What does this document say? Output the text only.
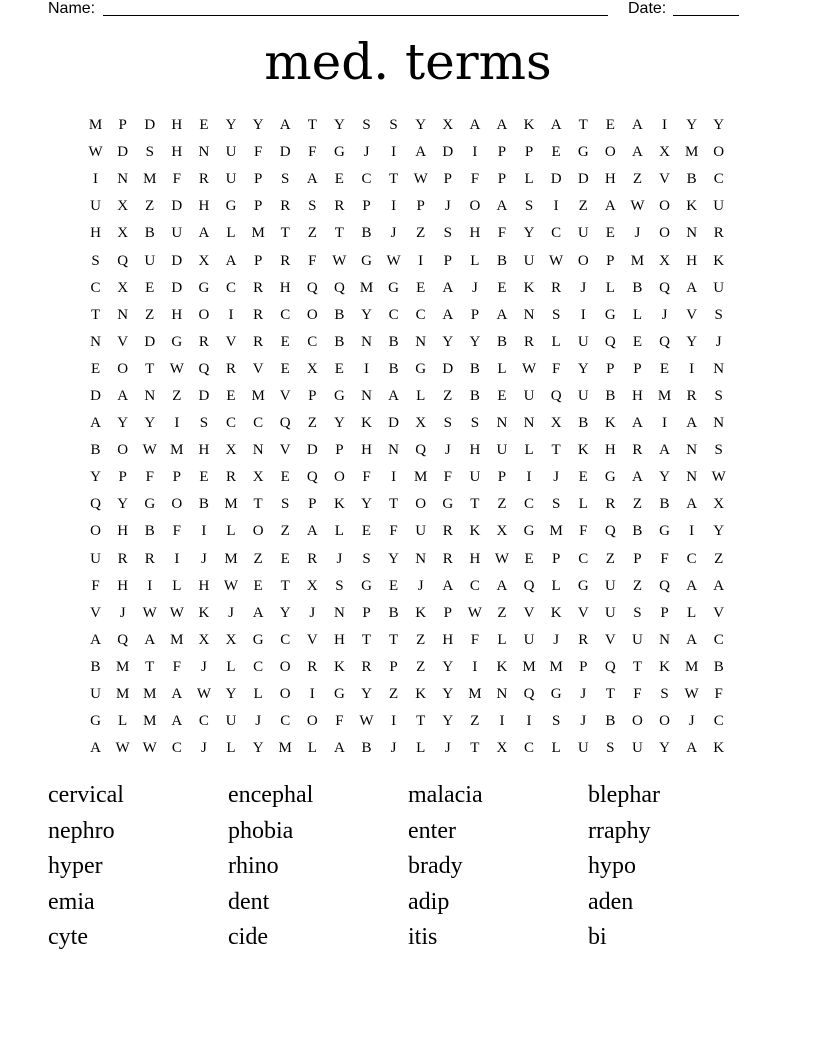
Name:	Date:
med. terms
M	P	D	H	E	Y	Y	A	T	Y	S	S	Y	X	A	A	K	A	T	E	A	I	Y	Y
W D	S	H	N	U	F	D	F	G	J	I	A	D	I	P	P	E	G	O	A	X	M	O
I	N	M	F	R	U	P	S	A	E	C	T	W	P	F	P	L	D	D	H	Z	V	B	C
U	X	Z	D	H	G	P	R	S	R	P	I	P	J	O	A	S	I	Z	A W O	K	U
H	X	B	U	A	L	M	T	Z	T	B	J	Z	S	H	F	Y	C	U	E	J	O	N	R
S	Q	U	D	X	A	P	R	F	W G W	I	P	L	B	U W O	P	M	X	H	K
C	X	E	D	G	C	R	H	Q	Q	M	G	E	A	J	E	K	R	J	L	B	Q	A	U
T	N	Z	H	O	I	R	C	O	B	Y	C	C	A	P	A	N	S	I	G	L	J	V	S
N	V	D	G	R	V	R	E	C	B	N	B	N	Y	Y	B	R	L	U	Q	E	Q	Y	J
E	O	T	W Q	R	V	E	X	E	I	B	G	D	B	L	W	F	Y	P	P	E	I	N
D	A	N	Z	D	E	M	V	P	G	N	A	L	Z	B	E	U	Q	U	B	H	M	R	S
A	Y	Y	I	S	C	C	Q	Z	Y	K	D	X	S	S	N	N	X	B	K	A	I	A	N
B	O W M	H	X	N	V	D	P	H	N	Q	J	H	U	L	T	K	H	R	A	N	S
Y	P	F	P	E	R	X	E	Q	O	F	I	M	F	U	P	I	J	E	G	A	Y	N W
Q	Y	G	O	B	M	T	S	P	K	Y	T	O	G	T	Z	C	S	L	R	Z	B	A	X
O	H	B	F	I	L	O	Z	A	L	E	F	U	R	K	X	G	M	F	Q	B	G	I	Y
U	R	R	I	J	M	Z	E	R	J	S	Y	N	R	H W	E	P	C	Z	P	F	C	Z
F	H	I	L	H W	E	T	X	S	G	E	J	A	C	A	Q	L	G	U	Z	Q	A	A
V	J	W W K	J	A	Y	J	N	P	B	K	P	W	Z	V	K	V	U	S	P	L	V
A	Q	A	M	X	X	G	C	V	H	T	T	Z	H	F	L	U	J	R	V	U	N	A	C
B	M	T	F	J	L	C	O	R	K	R	P	Z	Y	I	K	M M	P	Q	T	K	M	B
U	M M	A W Y	L	O	I	G	Y	Z	K	Y	M	N	Q	G	J	T	F	S	W	F
G	L	M	A	C	U	J	C	O	F	W	I	T	Y	Z	I	I	S	J	B	O	O	J	C
A W W	C	J	L	Y	M	L	A	B	J	L	J	T	X	C	L	U	S	U	Y	A	K
cervical	encephal	malacia	blephar
nephro	phobia	enter	rraphy
hyper	rhino	brady	hypo
emia	dent	adip	aden
cyte	cide	itis	bi
